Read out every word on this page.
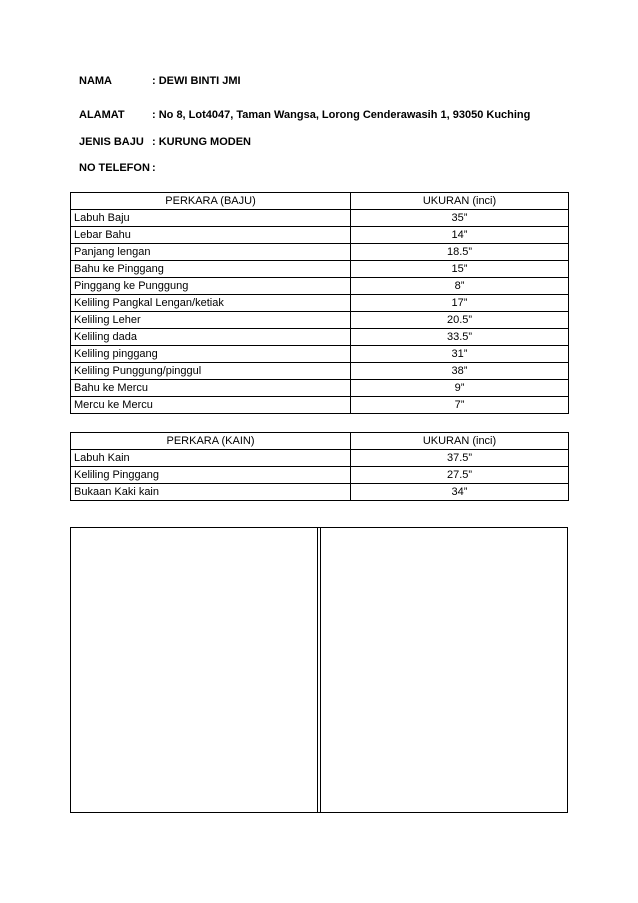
NAMA	: DEWI BINTI JMI
ALAMAT	: No 8, Lot4047, Taman Wangsa, Lorong Cenderawasih 1, 93050 Kuching
JENIS BAJU : KURUNG MODEN
NO TELEFON :
PERKARA (BAJU)	UKURAN (inci)
Labuh Baju	35”
Lebar Bahu	14”
Panjang lengan	18.5”
Bahu ke Pinggang	15”
Pinggang ke Punggung	8”
Keliling Pangkal Lengan/ketiak	17”
Keliling Leher	20.5”
Keliling dada	33.5”
Keliling pinggang	31”
Keliling Punggung/pinggul	38”
Bahu ke Mercu	9”
Mercu ke Mercu	7”
PERKARA (KAIN)	UKURAN (inci)
Labuh Kain	37.5”
Keliling Pinggang	27.5”
Bukaan Kaki kain	34”
